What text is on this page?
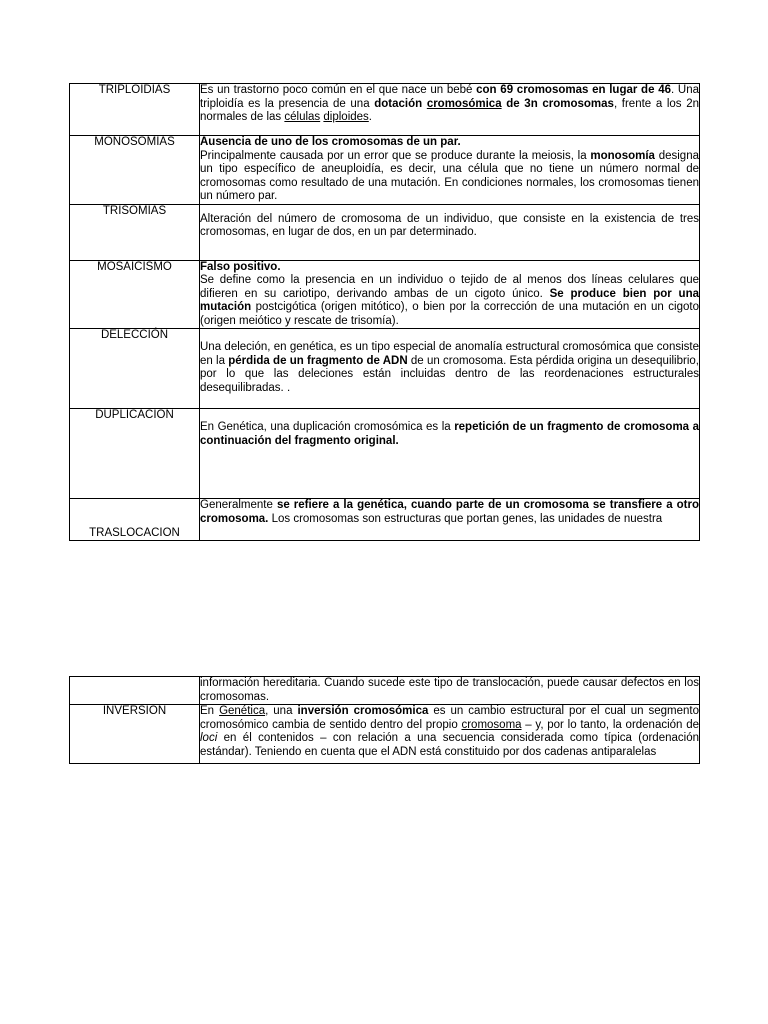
TRIPLOIDIAS	Es un trastorno poco común en el que nace un bebé con 69 cromosomas en lugar de 46. Una triploidía es la presencia de una dotación cromosómica de 3n cromosomas, frente a los 2n normales de las células diploides.
MONOSOMIAS	Ausencia de uno de los cromosomas de un par.
Principalmente causada por un error que se produce durante la meiosis, la monosomía designa un tipo específico de aneuploidía, es decir, una célula que no tiene un número normal de cromosomas como resultado de una mutación. En condiciones normales, los cromosomas tienen un número par.
TRISOMIAS	Alteración del número de cromosoma de un individuo, que consiste en la existencia de tres cromosomas, en lugar de dos, en un par determinado.
MOSAICISMO	Falso positivo.
Se define como la presencia en un individuo o tejido de al menos dos líneas celulares que difieren en su cariotipo, derivando ambas de un cigoto único. Se produce bien por una mutación postcigótica (origen mitótico), o bien por la corrección de una mutación en un cigoto (origen meiótico y rescate de trisomía).
DELECCIÓN	Una deleción, en genética, es un tipo especial de anomalía estructural cromosómica que consiste en la pérdida de un fragmento de ADN de un cromosoma. Esta pérdida origina un desequilibrio, por lo que las deleciones están incluidas dentro de las reordenaciones estructurales desequilibradas. .
DUPLICACION	En Genética, una duplicación cromosómica es la repetición de un fragmento de cromosoma a continuación del fragmento original.
TRASLOCACION	Generalmente se refiere a la genética, cuando parte de un cromosoma se transfiere a otro cromosoma. Los cromosomas son estructuras que portan genes, las unidades de nuestra
	información hereditaria. Cuando sucede este tipo de translocación, puede causar defectos en los cromosomas.
INVERSION	En Genética, una inversión cromosómica es un cambio estructural por el cual un segmento cromosómico cambia de sentido dentro del propio cromosoma – y, por lo tanto, la ordenación de loci en él contenidos – con relación a una secuencia considerada como típica (ordenación estándar). Teniendo en cuenta que el ADN está constituido por dos cadenas antiparalelas
